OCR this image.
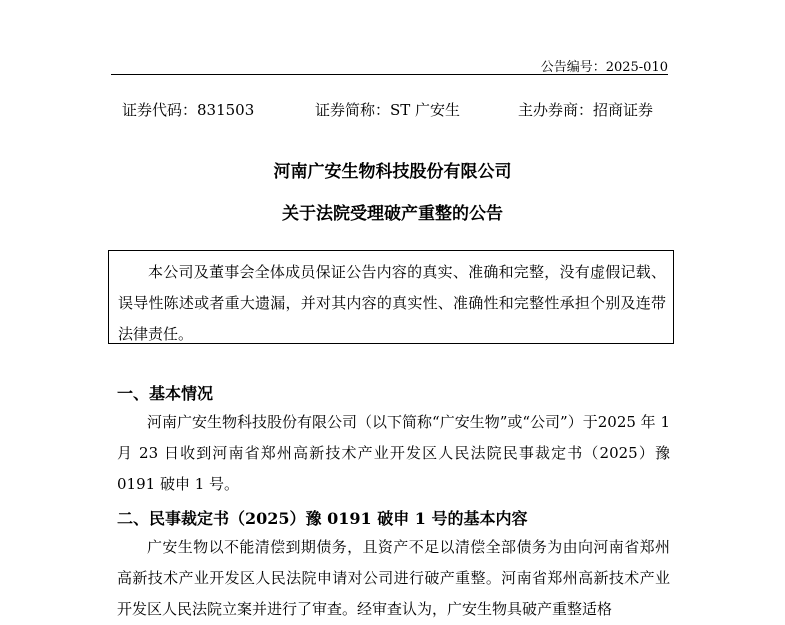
公告编号：2025-010
证券代码：831503	证券简称：ST 广安生	主办券商：招商证券
河南广安生物科技股份有限公司
关于法院受理破产重整的公告
本公司及董事会全体成员保证公告内容的真实、准确和完整，没有虚假记载、误导性陈述或者重大遗漏，并对其内容的真实性、准确性和完整性承担个别及连带法律责任。
一、基本情况
河南广安生物科技股份有限公司（以下简称“广安生物”或“公司”）于2025 年 1 月 23 日收到河南省郑州高新技术产业开发区人民法院民事裁定书（2025）豫 0191 破申 1 号。
二、民事裁定书（2025）豫 0191 破申 1 号的基本内容
广安生物以不能清偿到期债务，且资产不足以清偿全部债务为由向河南省郑州高新技术产业开发区人民法院申请对公司进行破产重整。河南省郑州高新技术产业开发区人民法院立案并进行了审查。经审查认为，广安生物具破产重整适格
